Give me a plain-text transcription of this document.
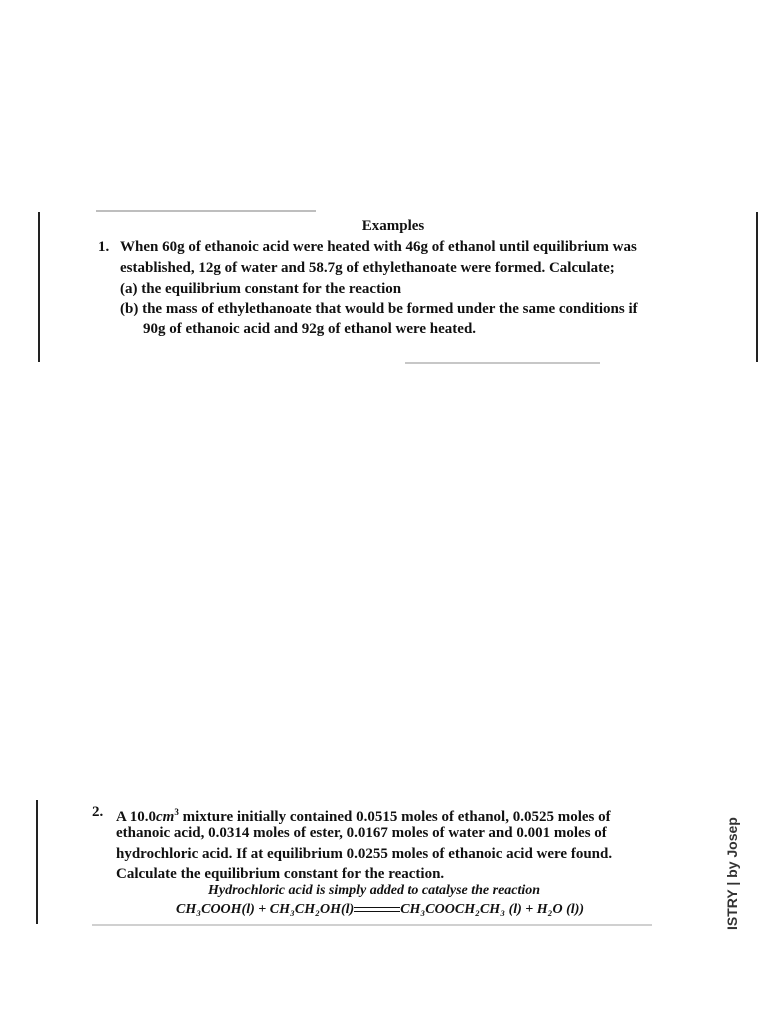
Examples
1. When 60g of ethanoic acid were heated with 46g of ethanol until equilibrium was
established, 12g of water and 58.7g of ethylethanoate were formed. Calculate;
(a) the equilibrium constant for the reaction
(b) the mass of ethylethanoate that would be formed under the same conditions if
90g of ethanoic acid and 92g of ethanol were heated.
2. A $10.0cm^3$ mixture initially contained 0.0515 moles of ethanol, 0.0525 moles of
ethanoic acid, 0.0314 moles of ester, 0.0167 moles of water and 0.001 moles of
hydrochloric acid. If at equilibrium 0.0255 moles of ethanoic acid were found.
Calculate the equilibrium constant for the reaction.
Hydrochloric acid is simply added to catalyse the reaction
CH₃COOH(l) + CH₃CH₂OH(l)	CH₃COOCH₂CH₃ (l) + H₂O (l))	ISTRY | by Josep
